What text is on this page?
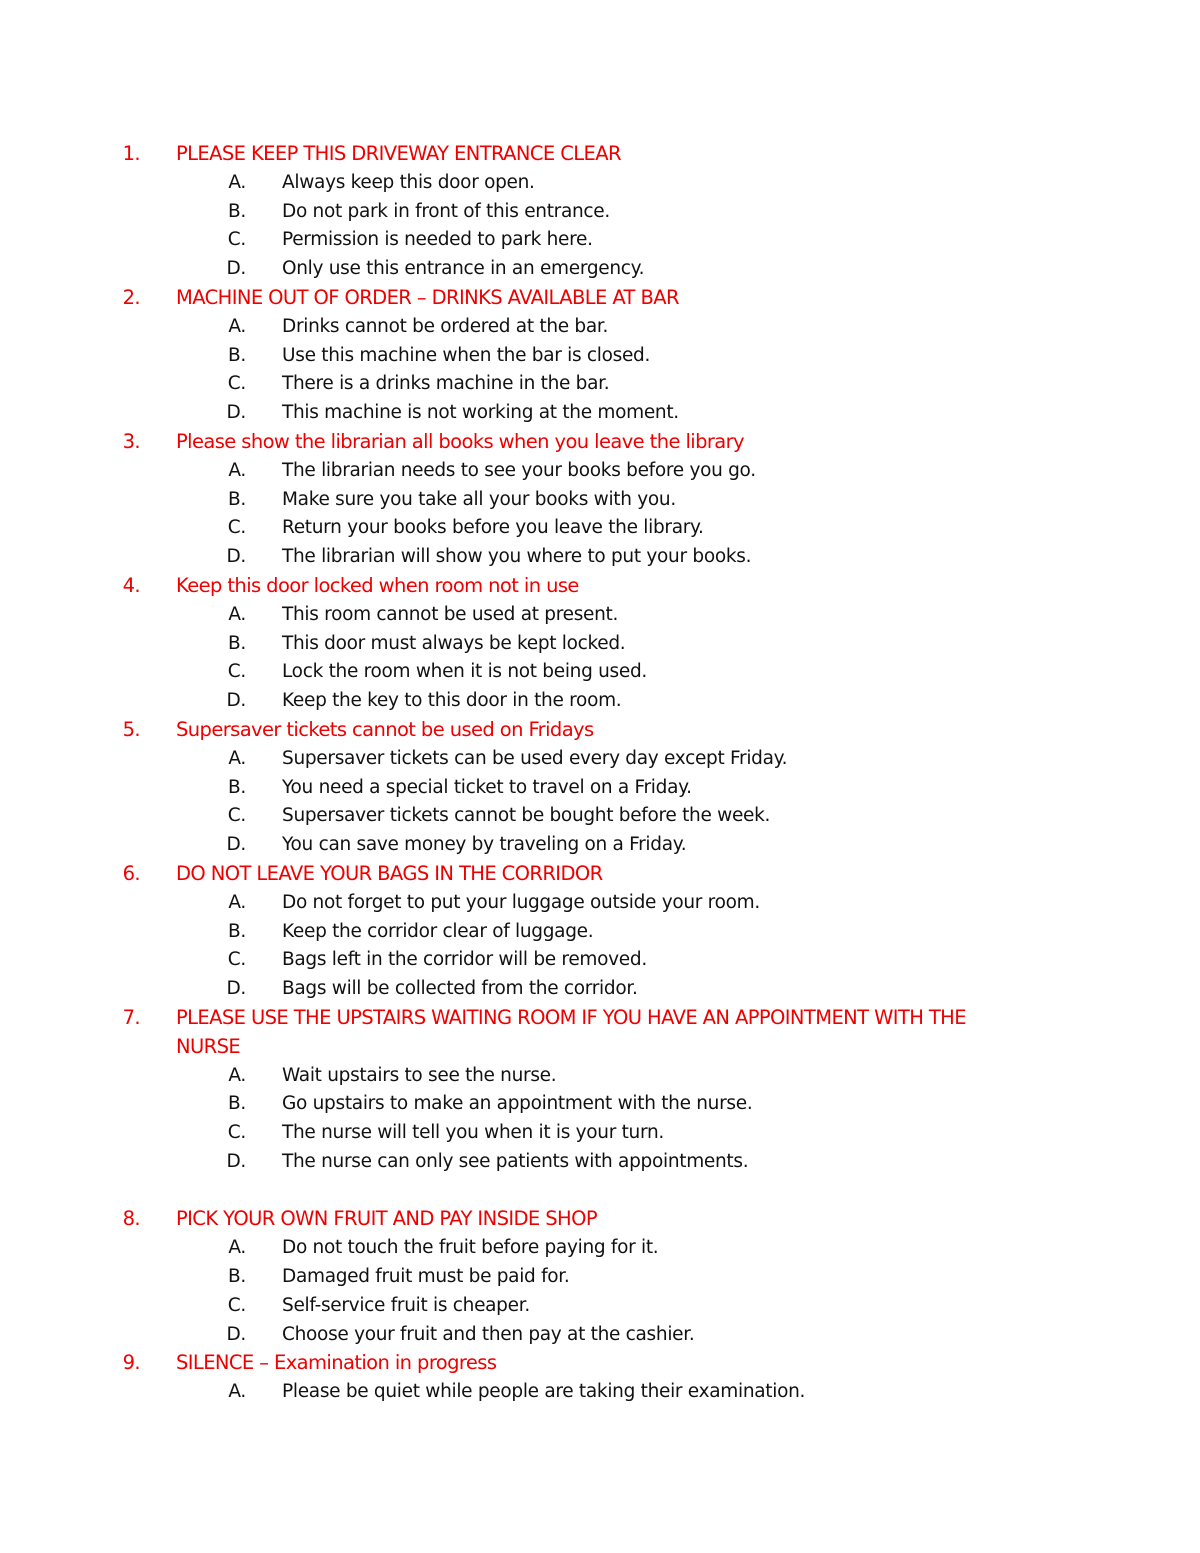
1. PLEASE KEEP THIS DRIVEWAY ENTRANCE CLEAR
A. Always keep this door open.
B. Do not park in front of this entrance.
C. Permission is needed to park here.
D. Only use this entrance in an emergency.
2. MACHINE OUT OF ORDER – DRINKS AVAILABLE AT BAR
A. Drinks cannot be ordered at the bar.
B. Use this machine when the bar is closed.
C. There is a drinks machine in the bar.
D. This machine is not working at the moment.
3. Please show the librarian all books when you leave the library
A. The librarian needs to see your books before you go.
B. Make sure you take all your books with you.
C. Return your books before you leave the library.
D. The librarian will show you where to put your books.
4. Keep this door locked when room not in use
A. This room cannot be used at present.
B. This door must always be kept locked.
C. Lock the room when it is not being used.
D. Keep the key to this door in the room.
5. Supersaver tickets cannot be used on Fridays
A. Supersaver tickets can be used every day except Friday.
B. You need a special ticket to travel on a Friday.
C. Supersaver tickets cannot be bought before the week.
D. You can save money by traveling on a Friday.
6. DO NOT LEAVE YOUR BAGS IN THE CORRIDOR
A. Do not forget to put your luggage outside your room.
B. Keep the corridor clear of luggage.
C. Bags left in the corridor will be removed.
D. Bags will be collected from the corridor.
7. PLEASE USE THE UPSTAIRS WAITING ROOM IF YOU HAVE AN APPOINTMENT WITH THE NURSE
A. Wait upstairs to see the nurse.
B. Go upstairs to make an appointment with the nurse.
C. The nurse will tell you when it is your turn.
D. The nurse can only see patients with appointments.
8. PICK YOUR OWN FRUIT AND PAY INSIDE SHOP
A. Do not touch the fruit before paying for it.
B. Damaged fruit must be paid for.
C. Self-service fruit is cheaper.
D. Choose your fruit and then pay at the cashier.
9. SILENCE – Examination in progress
A. Please be quiet while people are taking their examination.
